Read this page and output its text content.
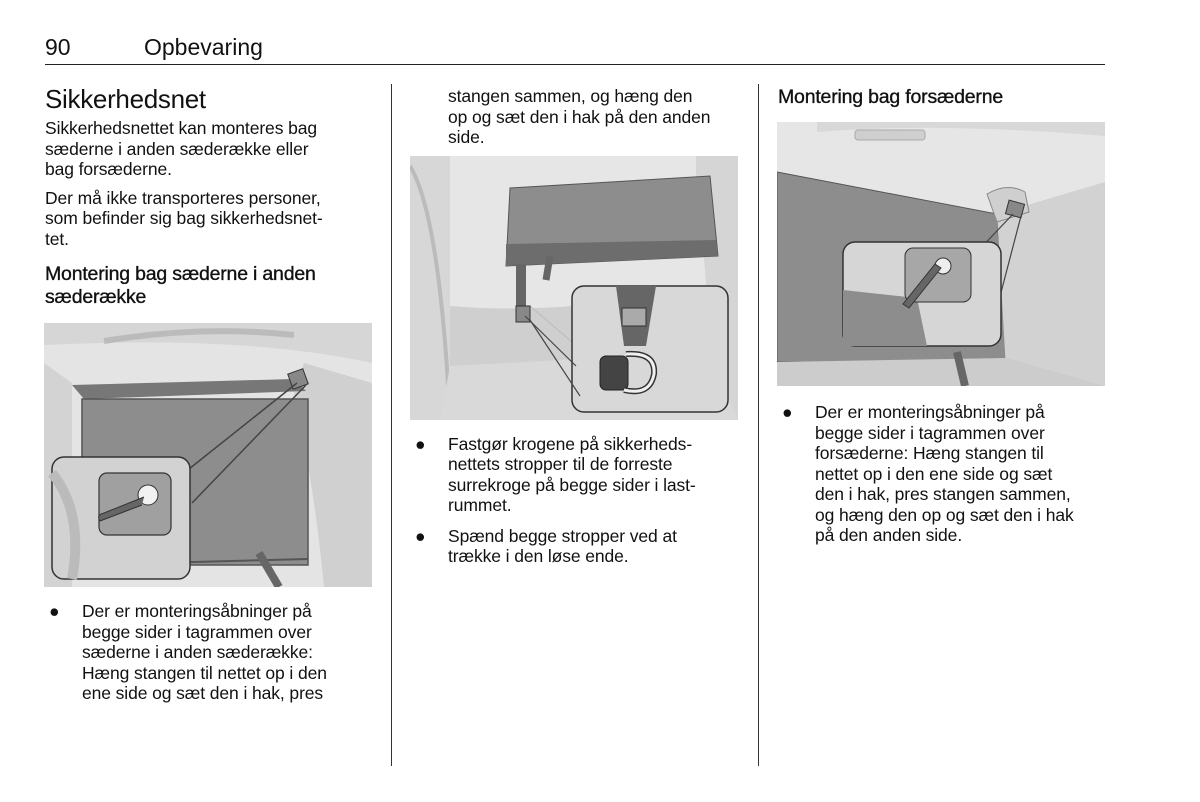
90	Opbevaring
Sikkerhedsnet

Sikkerhedsnettet kan monteres bag
sæderne i anden sæderække eller
bag forsæderne.

Der må ikke transporteres personer,
som befinder sig bag sikkerhedsnet-
tet.

Montering bag sæderne i anden
sæderække
●	Der er monteringsåbninger på
begge sider i tagrammen over
sæderne i anden sæderække:
Hæng stangen til nettet op i den
ene side og sæt den i hak, pres

stangen sammen, og hæng den
op og sæt den i hak på den anden
side.

●	Fastgør krogene på sikkerheds-
nettets stropper til de forreste
surrekroge på begge sider i last-
rummet.
●	Spænd begge stropper ved at
trække i den løse ende.
Montering bag forsæderne
●	Der er monteringsåbninger på
begge sider i tagrammen over
forsæderne: Hæng stangen til
nettet op i den ene side og sæt
den i hak, pres stangen sammen,
og hæng den op og sæt den i hak
på den anden side.
